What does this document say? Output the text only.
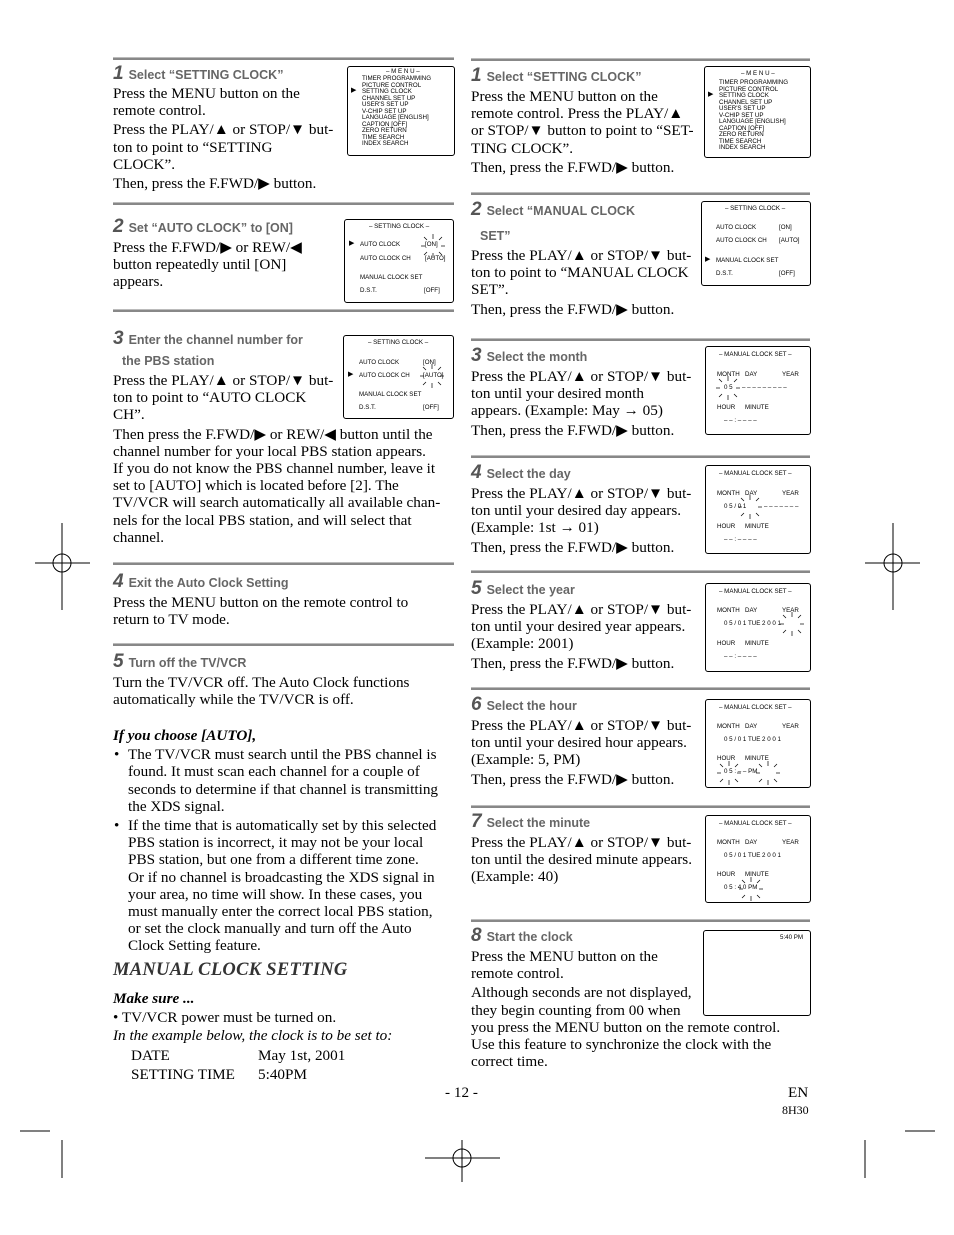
1 Select “SETTING CLOCK”
Press the MENU button on the
remote control.
Press the PLAY/▲ or STOP/▼ but-
ton to point to “SETTING
CLOCK”.
Then, press the F.FWD/▶ button.
– M E N U –
TIMER PROGRAMMING
PICTURE CONTROL
▶ SETTING CLOCK
CHANNEL SET UP
USER'S SET UP
V-CHIP SET UP
LANGUAGE [ENGLISH]
CAPTION [OFF]
ZERO RETURN
TIME SEARCH
INDEX SEARCH
2 Set “AUTO CLOCK” to [ON]
Press the F.FWD/▶ or REW/◀
button repeatedly until [ON]
appears.
– SETTING CLOCK –
▶ AUTO CLOCK	[ON]
AUTO CLOCK CH [AUTO]
MANUAL CLOCK SET
D.S.T.	[OFF]
3 Enter the channel number for
the PBS station
Press the PLAY/▲ or STOP/▼ but-
ton to point to “AUTO CLOCK
CH”.
Then press the F.FWD/▶ or REW/◀ button until the
channel number for your local PBS station appears.
If you do not know the PBS channel number, leave it
set to [AUTO] which is located before [2]. The
TV/VCR will search automatically all available chan-
nels for the local PBS station, and will select that
channel.
– SETTING CLOCK –
AUTO CLOCK	[ON]
▶ AUTO CLOCK CH [AUTO]
MANUAL CLOCK SET
D.S.T.	[OFF]
4 Exit the Auto Clock Setting
Press the MENU button on the remote control to
return to TV mode.
5 Turn off the TV/VCR
Turn the TV/VCR off. The Auto Clock functions
automatically while the TV/VCR is off.
If you choose [AUTO],
• The TV/VCR must search until the PBS channel is
found. It must scan each channel for a couple of
seconds to determine if that channel is transmitting
the XDS signal.
• If the time that is automatically set by this selected
PBS station is incorrect, it may not be your local
PBS station, but one from a different time zone.
Or if no channel is broadcasting the XDS signal in
your area, no time will show. In these cases, you
must manually enter the correct local PBS station,
or set the clock manually and turn off the Auto
Clock Setting feature.
MANUAL CLOCK SETTING
Make sure ...
• TV/VCR power must be turned on.
In the example below, the clock is to be set to:
DATE	May 1st, 2001
SETTING TIME 5:40PM
1 Select “SETTING CLOCK”
Press the MENU button on the
remote control. Press the PLAY/▲
or STOP/▼ button to point to “SET-
TING CLOCK”.
Then, press the F.FWD/▶ button.
– M E N U –
TIMER PROGRAMMING
PICTURE CONTROL
▶ SETTING CLOCK
CHANNEL SET UP
USER'S SET UP
V-CHIP SET UP
LANGUAGE [ENGLISH]
CAPTION [OFF]
ZERO RETURN
TIME SEARCH
INDEX SEARCH
2 Select “MANUAL CLOCK
SET”
Press the PLAY/▲ or STOP/▼ but-
ton to point to “MANUAL CLOCK
SET”.
Then, press the F.FWD/▶ button.
– SETTING CLOCK –
AUTO CLOCK	[ON]
AUTO CLOCK CH [AUTO]
▶ MANUAL CLOCK SET
D.S.T.	[OFF]
3 Select the month
Press the PLAY/▲ or STOP/▼ but-
ton until your desired month
appears. (Example: May → 05)
Then, press the F.FWD/▶ button.
– MANUAL CLOCK SET –
MONTH DAY	YEAR
0 5 – – – – – – – – –
HOUR MINUTE
– – : – – – –
4 Select the day
Press the PLAY/▲ or STOP/▼ but-
ton until your desired day appears.
(Example: 1st → 01)
Then, press the F.FWD/▶ button.
– MANUAL CLOCK SET –
MONTH DAY	YEAR
0 5 / 0 1	– – – – – – –
HOUR MINUTE
– – : – – – –
5 Select the year
Press the PLAY/▲ or STOP/▼ but-
ton until your desired year appears.
(Example: 2001)
Then, press the F.FWD/▶ button.
– MANUAL CLOCK SET –
MONTH DAY	YEAR
0 5 / 0 1 TUE 2 0 0 1
HOUR MINUTE
– – : – – – –
6 Select the hour
Press the PLAY/▲ or STOP/▼ but-
ton until your desired hour appears.
(Example: 5, PM)
Then, press the F.FWD/▶ button.
– MANUAL CLOCK SET –
MONTH DAY	YEAR
0 5 / 0 1 TUE 2 0 0 1
HOUR MINUTE
0 5 : – – PM
7 Select the minute
Press the PLAY/▲ or STOP/▼ but-
ton until the desired minute appears.
(Example: 40)
– MANUAL CLOCK SET –
MONTH DAY	YEAR
0 5 / 0 1 TUE 2 0 0 1
HOUR MINUTE
0 5 : 4 0 PM
8 Start the clock
Press the MENU button on the
remote control.
Although seconds are not displayed,
they begin counting from 00 when
you press the MENU button on the remote control.
Use this feature to synchronize the clock with the
correct time.
5:40 PM
- 12 -	EN
8H30
